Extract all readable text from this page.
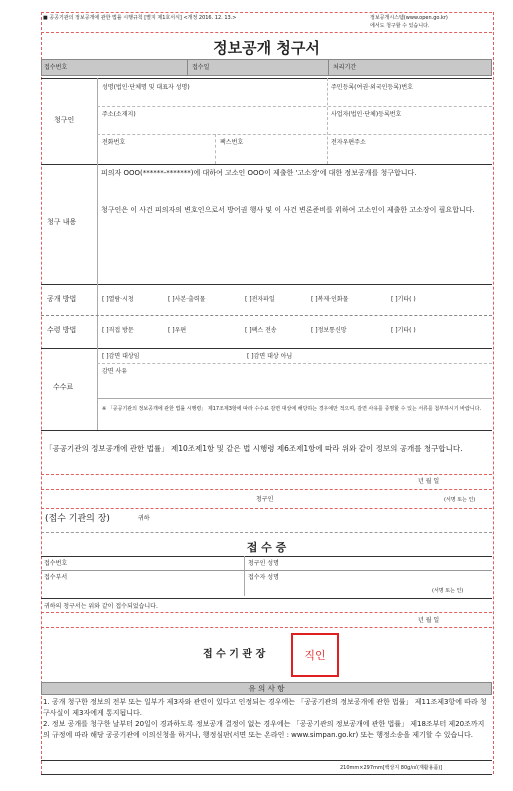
■ 공공기관의 정보공개에 관한 법률 시행규칙 [별지 제1호서식] <개정 2016. 12. 13.>	정보공개시스템(www.open.go.kr)
에서도 청구할 수 있습니다.
정보공개 청구서
접수번호	접수일	처리기간
청구인
성명(법인·단체명 및 대표자 성명)	주민등록(여권·외국인등록)번호
주소(소재지)	사업자(법인·단체)등록번호
전화번호	팩스번호	전자우편주소
청구 내용
피의자 OOO(******-*******)에 대하여 고소인 OOO이 제출한 '고소장'에 대한 정보공개를 청구합니다.
청구인은 이 사건 피의자의 변호인으로서 방어권 행사 및 이 사건 변론준비를 위하여 고소인이 제출한 고소장이 필요합니다.
공개 방법	[ ]열람·시청	[ ]사본·출력물	[ ]전자파일	[ ]복제·인화물	[ ]기타( )
수령 방법	[ ]직접 방문	[ ]우편	[ ]팩스 전송	[ ]정보통신망	[ ]기타( )
수수료
[ ]감면 대상임	[ ]감면 대상 아님
감면 사유
※ 「공공기관의 정보공개에 관한 법률 시행령」 제17조제3항에 따라 수수료 감면 대상에 해당하는 경우에만 적으며, 감면 사유를 증명할 수 있는 서류를 첨부하시기 바랍니다.
「공공기관의 정보공개에 관한 법률」 제10조제1항 및 같은 법 시행령 제6조제1항에 따라 위와 같이 정보의 공개를 청구합니다.
년 월 일
청구인	(서명 또는 인)
(접수 기관의 장)	귀하
접 수 증
접수번호	청구인 성명
접수부서	접수자 성명
(서명 또는 인)
귀하의 청구서는 위와 같이 접수되었습니다.
년 월 일
접 수 기 관 장	직인
유 의 사 항
1. 공개 청구한 정보의 전부 또는 일부가 제3자와 관련이 있다고 인정되는 경우에는 「공공기관의 정보공개에 관한 법률」 제11조제3항에 따라 청구사실이 제3자에게 통지됩니다.
2. 정보 공개를 청구한 날부터 20일이 경과하도록 정보공개 결정이 없는 경우에는 「공공기관의 정보공개에 관한 법률」 제18조부터 제20조까지의 규정에 따라 해당 공공기관에 이의신청을 하거나, 행정심판(서면 또는 온라인 : www.simpan.go.kr) 또는 행정소송을 제기할 수 있습니다.
210mm×297mm[백상지 80g/㎡(재활용품)]
